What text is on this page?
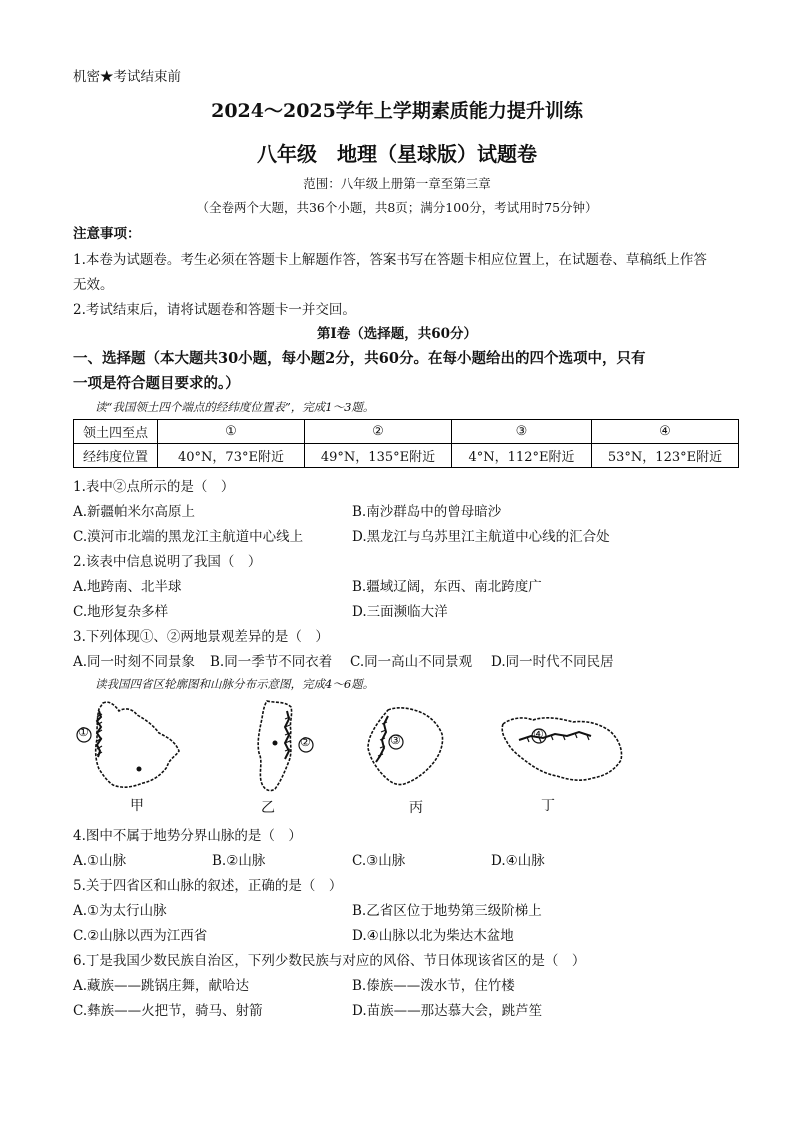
机密★考试结束前
2024～2025学年上学期素质能力提升训练
八年级　地理（星球版）试题卷
范围：八年级上册第一章至第三章
（全卷两个大题，共36个小题，共8页；满分100分，考试用时75分钟）
注意事项：
1.本卷为试题卷。考生必须在答题卡上解题作答，答案书写在答题卡相应位置上，在试题卷、草稿纸上作答
无效。
2.考试结束后，请将试题卷和答题卡一并交回。
第Ⅰ卷（选择题，共60分）
一、选择题（本大题共30小题，每小题2分，共60分。在每小题给出的四个选项中，只有
一项是符合题目要求的。）
读“我国领土四个端点的经纬度位置表”，完成1～3题。
领土四至点	①	②	③	④
经纬度位置	40°N，73°E附近	49°N，135°E附近	4°N，112°E附近	53°N，123°E附近
1.表中②点所示的是（　）
A.新疆帕米尔高原上	B.南沙群岛中的曾母暗沙
C.漠河市北端的黑龙江主航道中心线上	D.黑龙江与乌苏里江主航道中心线的汇合处
2.该表中信息说明了我国（　）
A.地跨南、北半球	B.疆域辽阔，东西、南北跨度广
C.地形复杂多样	D.三面濒临大洋
3.下列体现①、②两地景观差异的是（　）
A.同一时刻不同景象 B.同一季节不同衣着 C.同一高山不同景观 D.同一时代不同民居
读我国四省区轮廓图和山脉分布示意图，完成4～6题。
①
甲
②
乙
③
丙
④
丁
4.图中不属于地势分界山脉的是（　）
A.①山脉	B.②山脉	C.③山脉	D.④山脉
5.关于四省区和山脉的叙述，正确的是（　）
A.①为太行山脉	B.乙省区位于地势第三级阶梯上
C.②山脉以西为江西省	D.④山脉以北为柴达木盆地
6.丁是我国少数民族自治区，下列少数民族与对应的风俗、节日体现该省区的是（　）
A.藏族——跳锅庄舞，献哈达	B.傣族——泼水节，住竹楼
C.彝族——火把节，骑马、射箭	D.苗族——那达慕大会，跳芦笙
